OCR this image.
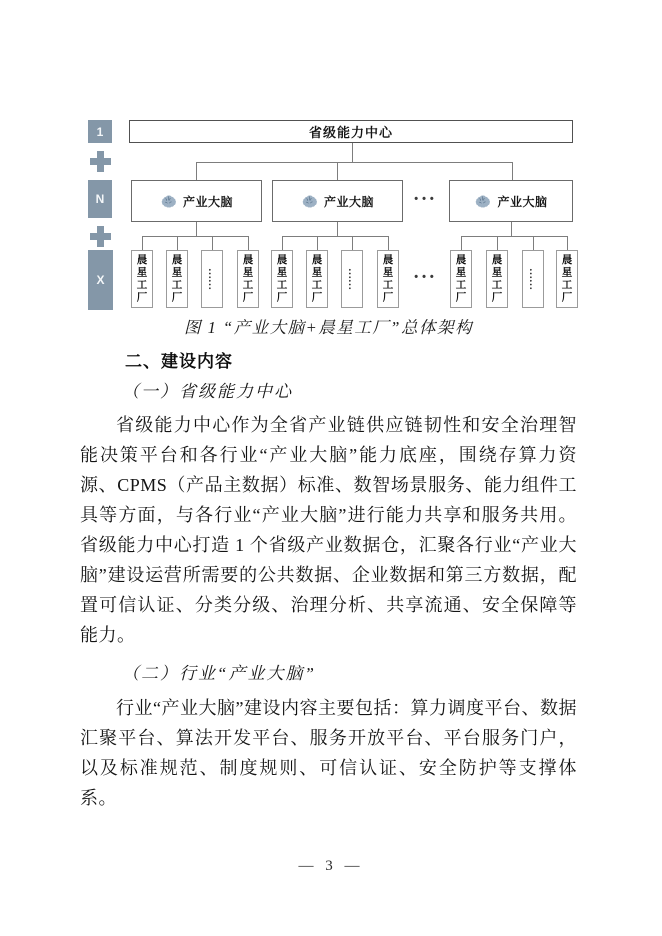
1
N
X
省级能力中心
产业大脑	产业大脑	产业大脑
•••
晨星工厂 晨星工厂 …… 晨星工厂 晨星工厂 晨星工厂 …… 晨星工厂	•••	晨星工厂 晨星工厂 …… 晨星工厂
图 1 “产业大脑+晨星工厂”总体架构
二、建设内容
（一）省级能力中心

省级能力中心作为全省产业链供应链韧性和安全治理智能决策平台和各行业“产业大脑”能力底座，围绕存算力资源、CPMS（产品主数据）标准、数智场景服务、能力组件工具等方面，与各行业“产业大脑”进行能力共享和服务共用。省级能力中心打造 1 个省级产业数据仓，汇聚各行业“产业大脑”建设运营所需要的公共数据、企业数据和第三方数据，配置可信认证、分类分级、治理分析、共享流通、安全保障等能力。

（二）行业“产业大脑”

行业“产业大脑”建设内容主要包括：算力调度平台、数据汇聚平台、算法开发平台、服务开放平台、平台服务门户，以及标准规范、制度规则、可信认证、安全防护等支撑体系。

— 3 —
